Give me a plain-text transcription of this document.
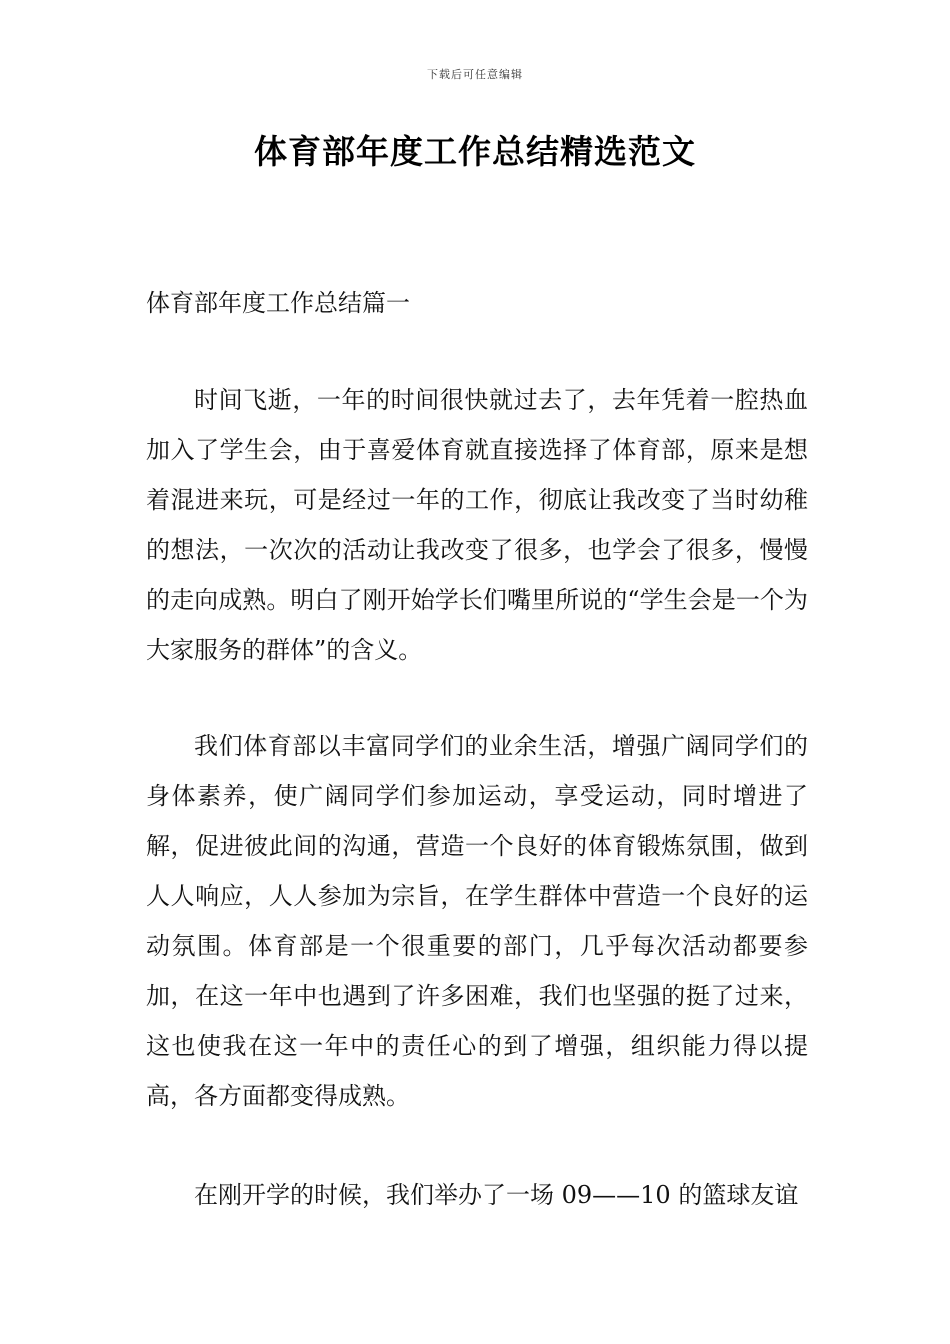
下载后可任意编辑
体育部年度工作总结精选范文
体育部年度工作总结篇一

时间飞逝，一年的时间很快就过去了，去年凭着一腔热血加入了学生会，由于喜爱体育就直接选择了体育部，原来是想着混进来玩，可是经过一年的工作，彻底让我改变了当时幼稚的想法，一次次的活动让我改变了很多，也学会了很多，慢慢的走向成熟。明白了刚开始学长们嘴里所说的“学生会是一个为大家服务的群体”的含义。

我们体育部以丰富同学们的业余生活，增强广阔同学们的身体素养，使广阔同学们参加运动，享受运动，同时增进了解，促进彼此间的沟通，营造一个良好的体育锻炼氛围，做到人人响应，人人参加为宗旨，在学生群体中营造一个良好的运动氛围。体育部是一个很重要的部门，几乎每次活动都要参加，在这一年中也遇到了许多困难，我们也坚强的挺了过来，这也使我在这一年中的责任心的到了增强，组织能力得以提高，各方面都变得成熟。

在刚开学的时候，我们举办了一场 09——10 的篮球友谊
